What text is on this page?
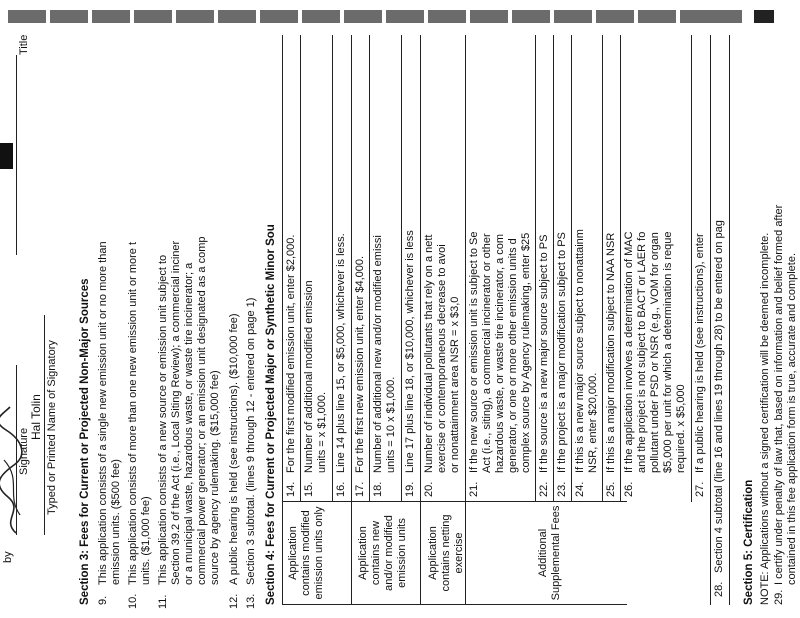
Section 3: Fees for Current or Projected Non-Major Sources 9.
This application consists of a single new emission unit or no more than emission units. ($500 fee)
10.
This application consists of more than one new emission unit or more t units. ($1,000 fee)
11.
This application consists of a new source or emission unit subject to Section 39.2 of the Act (i.e., Local Siting Review); a commercial inciner or a municipal waste, hazardous waste, or waste tire incinerator; a commercial power generator; or an emission unit designated as a comp source by agency rulemaking. ($15,000 fee)
12.
A public hearing is held (see instructions). ($10,000 fee)
13.
Section 3 subtotal. (lines 9 through 12 - entered on page 1) Section 4: Fees for Current or Projected Major or Synthetic Minor Sou Application contains modified emission units only
14.
For the first modified emission unit, enter $2,000.
15.
Number of additional modified emission units = x $1,000.
16.
Line 14 plus line 15, or $5,000, whichever is less.
Application contains new and/or modified emission units
17.
For the first new emission unit, enter $4,000.
18.
Number of additional new and/or modified emissi units = 10 x $1,000.
19.
Line 17 plus line 18, or $10,000, whichever is less
Application contains netting exercise
20.
Number of individual pollutants that rely on a nett exercise or contemporaneous decrease to avoi or nonattainment area NSR = x $3,0
Additional Supplemental Fees
21.
If the new source or emission unit is subject to Se Act (i.e., siting), a commercial incinerator or other hazardous waste, or waste tire incinerator, a com generator, or one or more other emission units d complex source by Agency rulemaking, enter $25
22.
If the source is a new major source subject to PS
23.
If the project is a major modification subject to PS
24.
If this is a new major source subject to nonattainm NSR, enter $20,000.
25.
If this is a major modification subject to NAA NSR
26.
If the application involves a determination of MAC and the project is not subject to BACT or LAER fo pollutant under PSD or NSR (e.g., VOM for organ $5,000 per unit for which a determination is reque required. x $5,000
27.
If a public hearing is held (see instructions), enter
28.
Section 4 subtotal (line 16 and lines 19 through 28) to be entered on pag Section 5: Certification NOTE: Applications without a signed certification will be deemed incomplete. 29.
I certify under penalty of law that, based on information and belief formed after contained in this fee application form is true, accurate and complete.
by
Signature
Hal Tolin Typed or Printed Name of Signatory
Title
